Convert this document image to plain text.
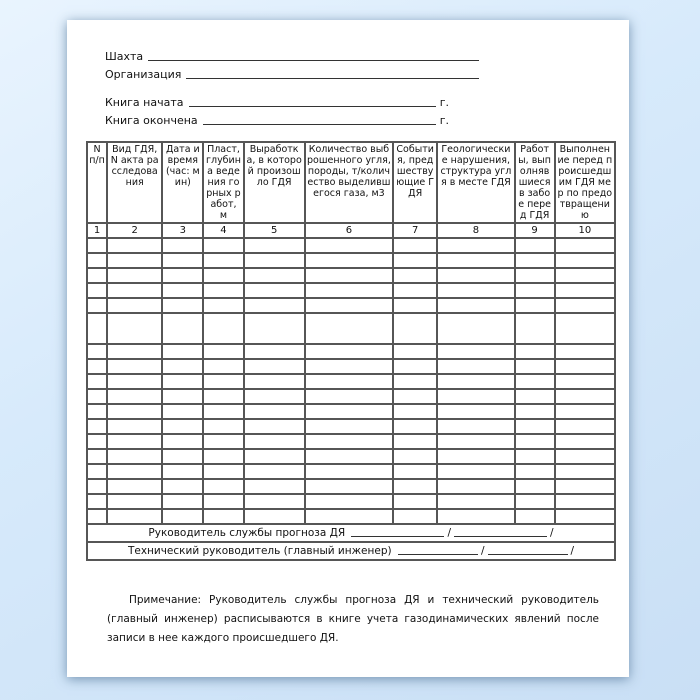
Шахта
Организация
Книга начата	г.
Книга окончена	г.
N п/п	Вид ГДЯ, N акта расследования	Дата и время (час: мин)	Пласт, глубина ведения горных работ, м	Выработка, в которой произошло ГДЯ	Количество выброшенного угля, породы, т/количество выделившегося газа, м3	События, предшествующие ГДЯ	Геологические нарушения, структура угля в месте ГДЯ	Работы, выполнявшиеся в забое перед ГДЯ	Выполнение перед происшедшим ГДЯ мер по предотвращению
1	2	3	4	5	6	7	8	9	10

Руководитель службы прогноза ДЯ / /									
Технический руководитель (главный инженер) / /									

Примечание: Руководитель службы прогноза ДЯ и технический руководитель (главный инженер) расписываются в книге учета газодинамических явлений после записи в нее каждого происшедшего ДЯ.
